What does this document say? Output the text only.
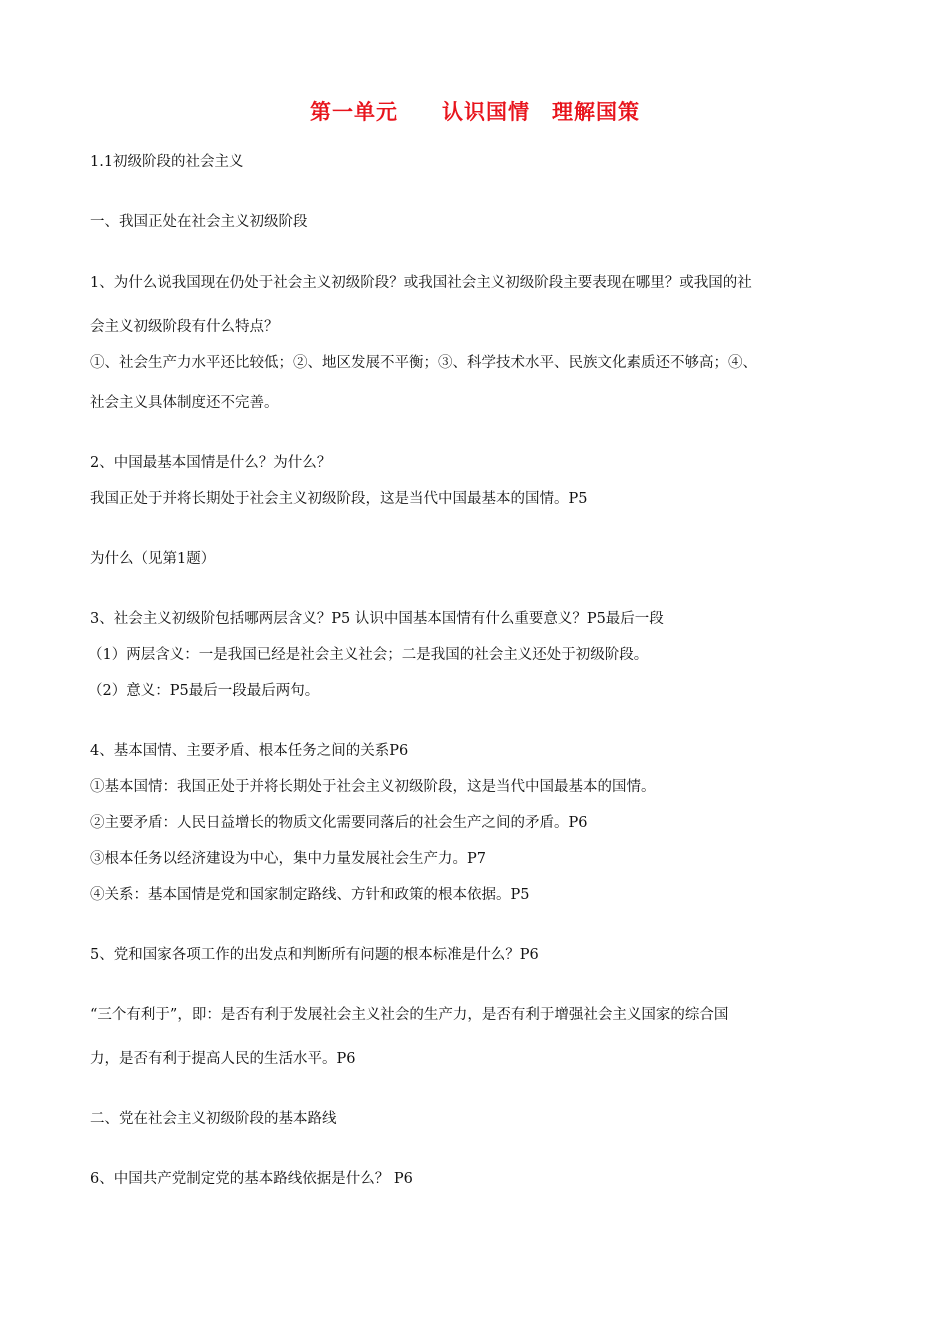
第一单元　　认识国情　理解国策
1.1初级阶段的社会主义
一、我国正处在社会主义初级阶段
1、为什么说我国现在仍处于社会主义初级阶段？或我国社会主义初级阶段主要表现在哪里？或我国的社
会主义初级阶段有什么特点？
①、社会生产力水平还比较低；②、地区发展不平衡；③、科学技术水平、民族文化素质还不够高；④、
社会主义具体制度还不完善。
2、中国最基本国情是什么？为什么？
我国正处于并将长期处于社会主义初级阶段，这是当代中国最基本的国情。P5
为什么（见第1题）
3、社会主义初级阶包括哪两层含义？P5 认识中国基本国情有什么重要意义？P5最后一段
（1）两层含义：一是我国已经是社会主义社会；二是我国的社会主义还处于初级阶段。
（2）意义：P5最后一段最后两句。
4、基本国情、主要矛盾、根本任务之间的关系P6
①基本国情：我国正处于并将长期处于社会主义初级阶段，这是当代中国最基本的国情。
②主要矛盾：人民日益增长的物质文化需要同落后的社会生产之间的矛盾。P6
③根本任务以经济建设为中心，集中力量发展社会生产力。P7
④关系：基本国情是党和国家制定路线、方针和政策的根本依据。P5
5、党和国家各项工作的出发点和判断所有问题的根本标准是什么？P6
“三个有利于”，即：是否有利于发展社会主义社会的生产力，是否有利于增强社会主义国家的综合国
力，是否有利于提高人民的生活水平。P6
二、党在社会主义初级阶段的基本路线
6、中国共产党制定党的基本路线依据是什么？ P6
